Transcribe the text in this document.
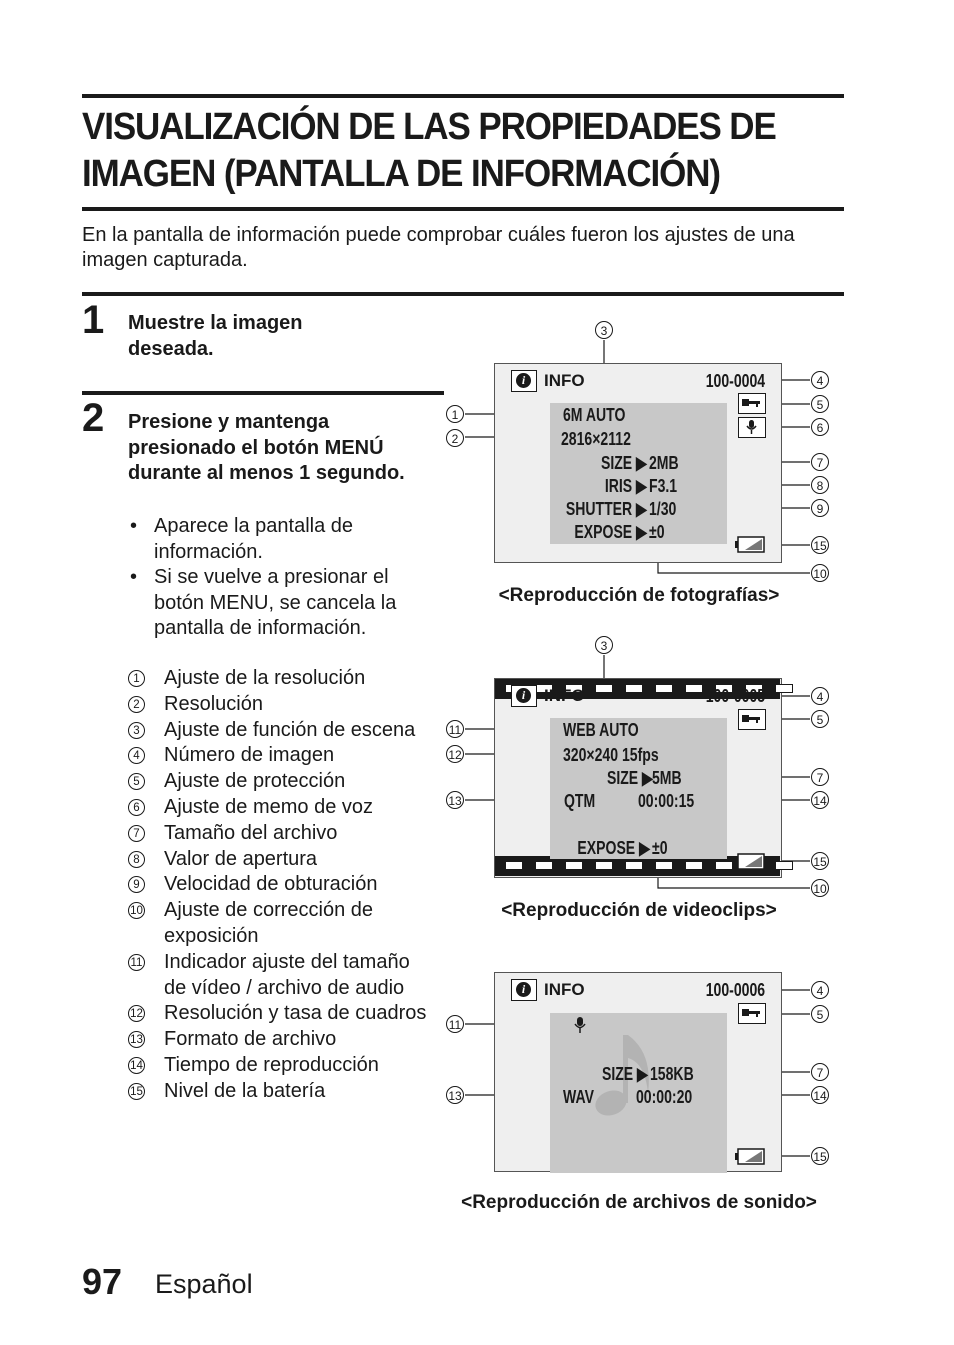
VISUALIZACIÓN DE LAS PROPIEDADES DE IMAGEN (PANTALLA DE INFORMACIÓN)
En la pantalla de información puede comprobar cuáles fueron los ajustes de una imagen capturada.
1 Muestre la imagen deseada.
2 Presione y mantenga presionado el botón MENÚ durante al menos 1 segundo.
• Aparece la pantalla de información.
• Si se vuelve a presionar el botón MENU, se cancela la pantalla de información.
1 Ajuste de la resolución
2 Resolución
3 Ajuste de función de escena
4 Número de imagen
5 Ajuste de protección
6 Ajuste de memo de voz
7 Tamaño del archivo
8 Valor de apertura
9 Velocidad de obturación
10 Ajuste de corrección de exposición
11 Indicador ajuste del tamaño de vídeo / archivo de audio
12 Resolución y tasa de cuadros
13 Formato de archivo
14 Tiempo de reproducción
15 Nivel de la batería
i	INFO	100-0004
6M AUTO
2816×2112
SIZE ▶ 2MB
IRIS ▶ F3.1
SHUTTER ▶ 1/30
EXPOSE ▶ ±0
<Reproducción de fotografías>
i	INFO	100-0005
WEB AUTO
320×240 15fps
SIZE ▶ 5MB
QTM 00:00:15
EXPOSE ▶ ±0
<Reproducción de videoclips>
i	INFO	100-0006
SIZE ▶ 158KB
WAV 00:00:20
<Reproducción de archivos de sonido>
2
1
3
4
5
6
7
8
9
15
10
3
11
12
13
4
5
7
14
15
10
4
5
11
7
13	14
15
97 Español
